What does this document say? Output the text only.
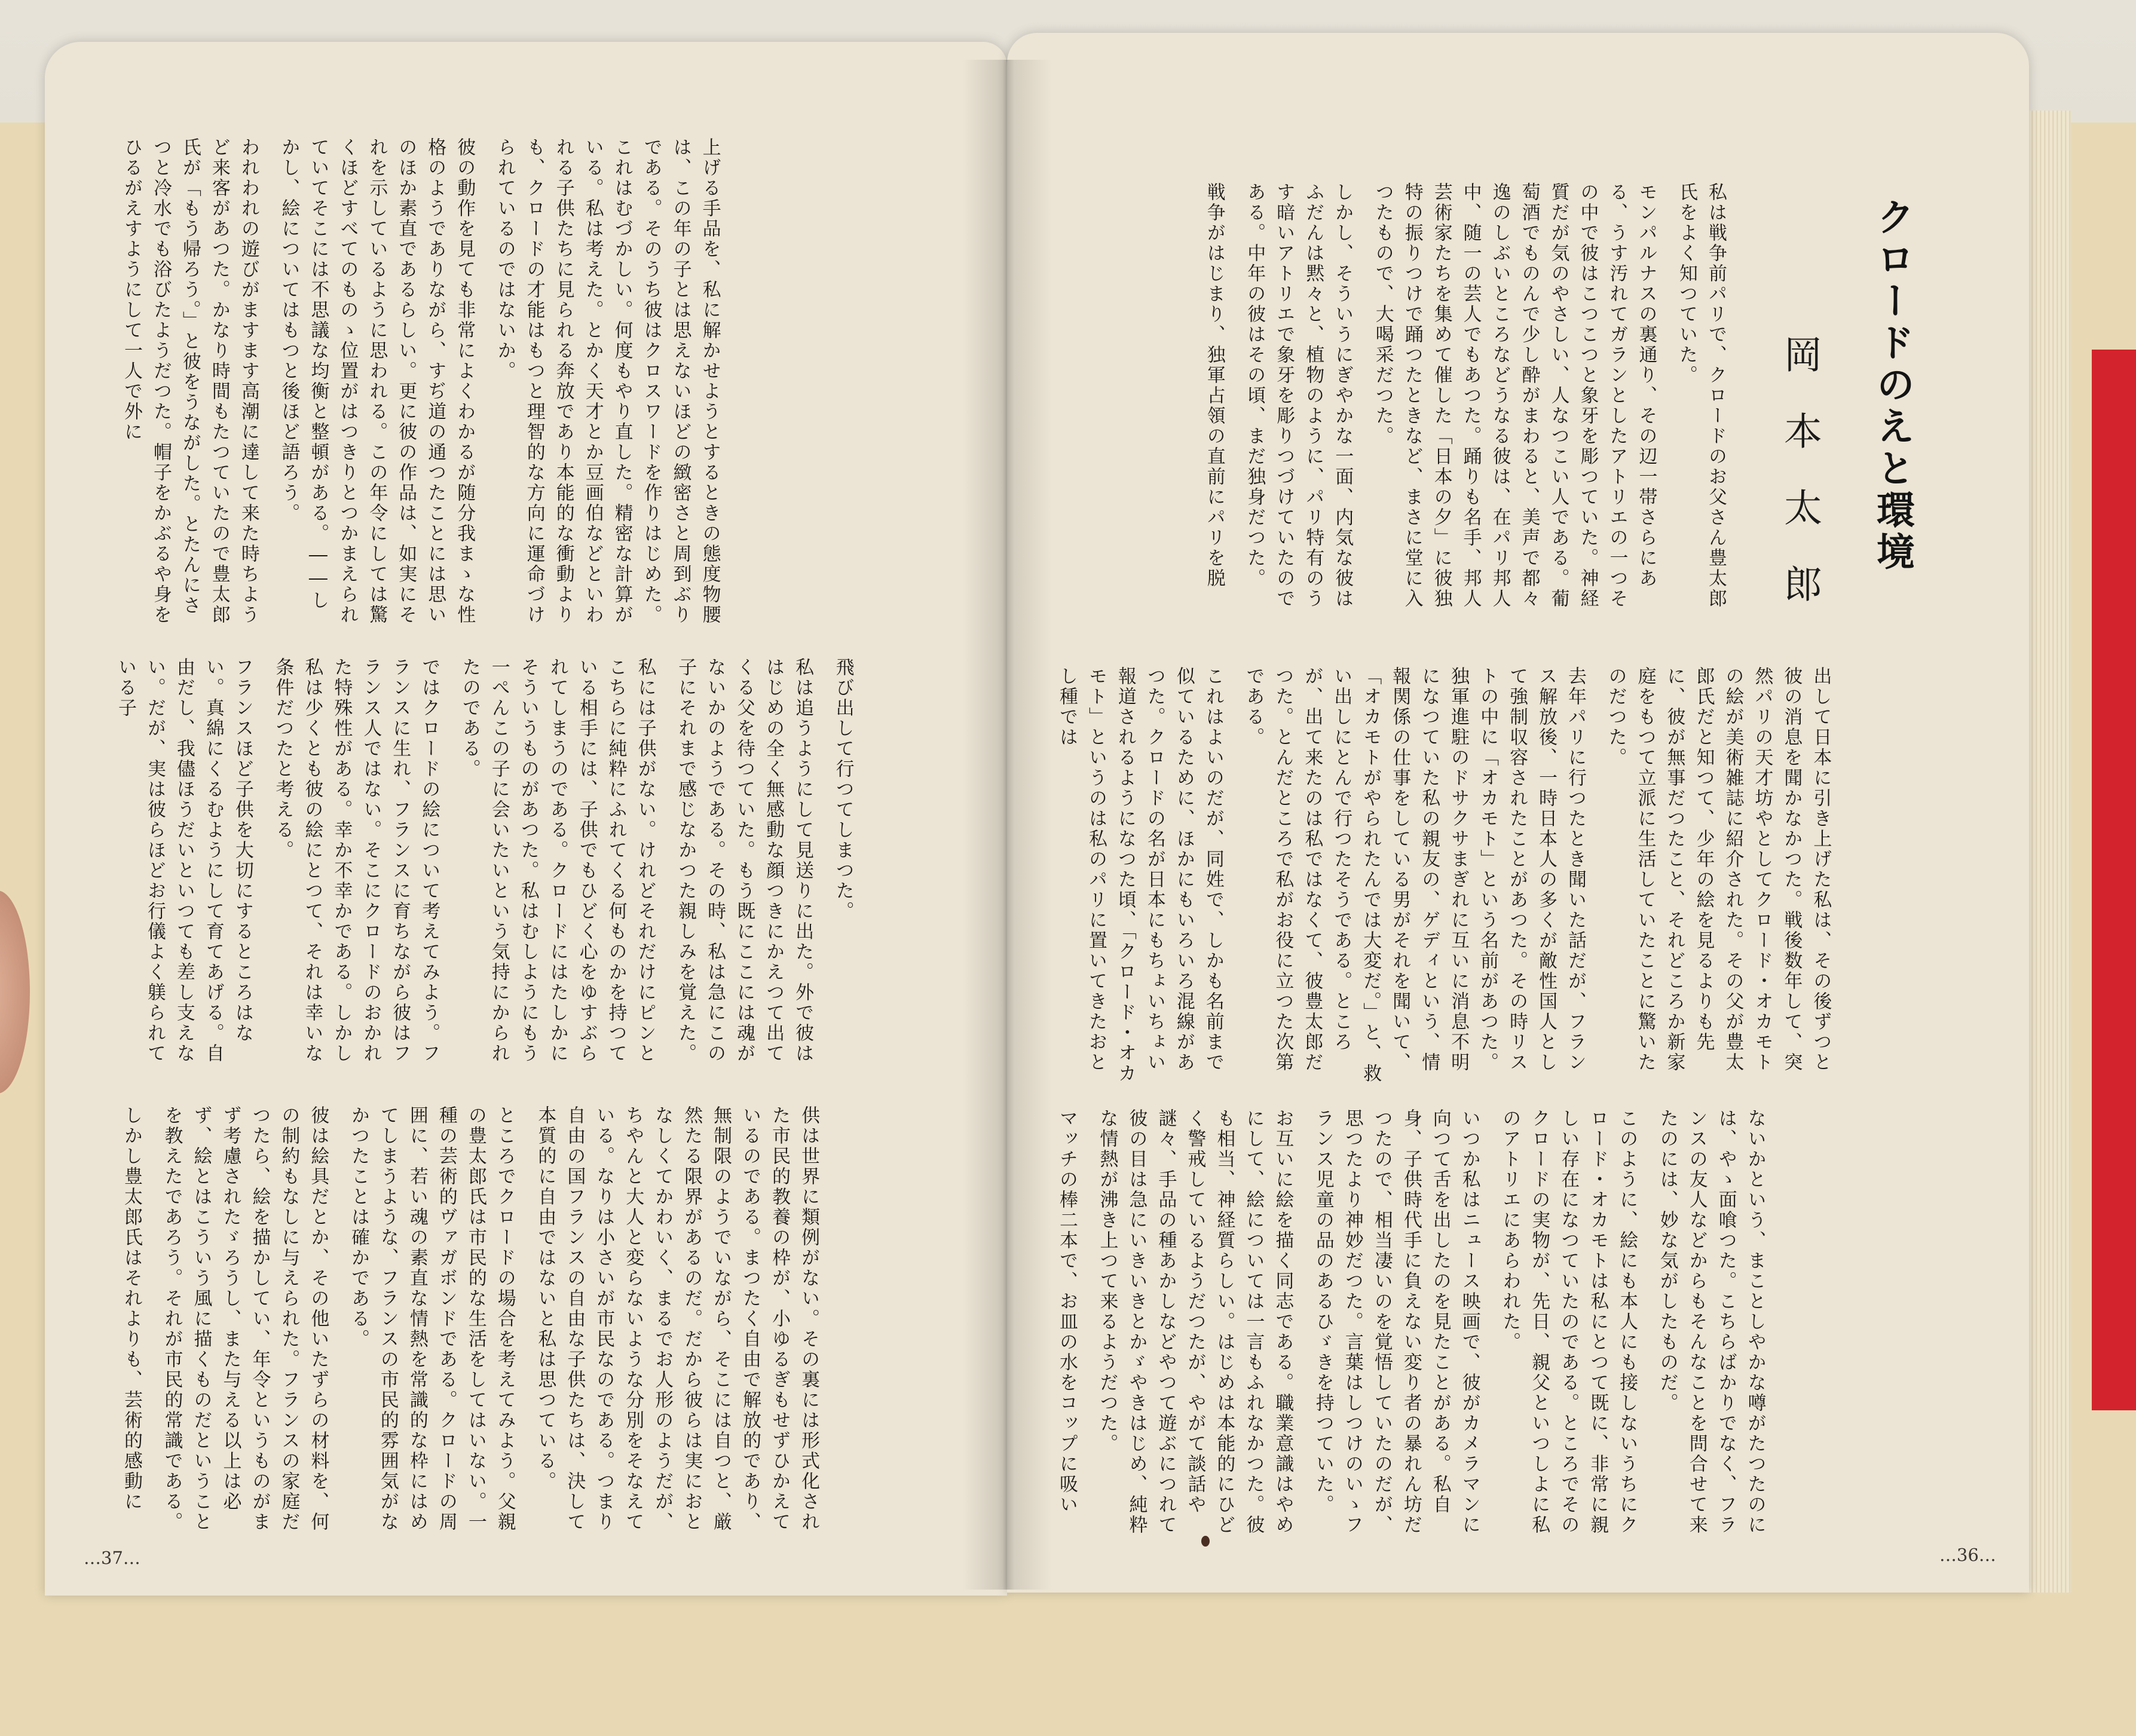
上げる手品を、私に解かせようとするときの態度物腰は、この年の子とは思えないほどの緻密さと周到ぶりである。そのうち彼はクロスワードを作りはじめた。これはむづかしい。何度もやり直した。精密な計算がいる。私は考えた。とかく天才とか豆画伯などといわれる子供たちに見られる奔放であり本能的な衝動よりも、クロードの才能はもつと理智的な方向に運命づけられているのではないか。

彼の動作を見ても非常によくわかるが随分我まゝな性格のようでありながら、すぢ道の通つたことには思いのほか素直であるらしい。更に彼の作品は、如実にそれを示しているように思われる。この年令にしては驚くほどすべてのものゝ位置がはつきりとつかまえられていてそこには不思議な均衡と整頓がある。――しかし、絵についてはもつと後ほど語ろう。

われわれの遊びがますます高潮に達して来た時ちようど来客があつた。かなり時間もたつていたので豊太郎氏が「もう帰ろう。」と彼をうながした。とたんにさつと冷水でも浴びたようだつた。帽子をかぶるや身をひるがえすようにして一人で外に

飛び出して行つてしまつた。

私は追うようにして見送りに出た。外で彼ははじめの全く無感動な顔つきにかえつて出てくる父を待つていた。もう既にここには魂がないかのようである。その時、私は急にこの子にそれまで感じなかつた親しみを覚えた。

私には子供がない。けれどそれだけにピンとこちらに純粋にふれてくる何ものかを持つている相手には、子供でもひどく心をゆすぶられてしまうのである。クロードにはたしかにそういうものがあつた。私はむしようにもう一ぺんこの子に会いたいという気持にかられたのである。

ではクロードの絵について考えてみよう。フランスに生れ、フランスに育ちながら彼はフランス人ではない。そこにクロードのおかれた特殊性がある。幸か不幸かである。しかし私は少くとも彼の絵にとつて、それは幸いな条件だつたと考える。

フランスほど子供を大切にするところはない。真綿にくるむようにして育てあげる。自由だし、我儘ほうだいといつても差し支えない。だが、実は彼らほどお行儀よく躾られている子

供は世界に類例がない。その裏には形式化された市民的教養の枠が、小ゆるぎもせずひかえているのである。まつたく自由で解放的であり、無制限のようでいながら、そこには自つと、厳然たる限界があるのだ。だから彼らは実におとなしくてかわいく、まるでお人形のようだが、ちやんと大人と変らないような分別をそなえている。なりは小さいが市民なのである。つまり自由の国フランスの自由な子供たちは、決して本質的に自由ではないと私は思つている。

ところでクロードの場合を考えてみよう。父親の豊太郎氏は市民的な生活をしてはいない。一種の芸術的ヴァガボンドである。クロードの周囲に、若い魂の素直な情熱を常識的な枠にはめてしまうような、フランスの市民的雰囲気がなかつたことは確かである。

彼は絵具だとか、その他いたずらの材料を、何の制約もなしに与えられた。フランスの家庭だつたら、絵を描かしてい、年令というものがまず考慮されたゞろうし、また与える以上は必ず、絵とはこういう風に描くものだということを教えたであろう。それが市民的常識である。

しかし豊太郎氏はそれよりも、芸術的感動に

…37…

私は戦争前パリで、クロードのお父さん豊太郎氏をよく知つていた。

モンパルナスの裏通り、その辺一帯さらにある、うす汚れてガランとしたアトリエの一つその中で彼はこつこつと象牙を彫つていた。神経質だが気のやさしい、人なつこい人である。葡萄酒でものんで少し酔がまわると、美声で都々逸のしぶいところなどうなる彼は、在パリ邦人中、随一の芸人でもあつた。踊りも名手、邦人芸術家たちを集めて催した「日本の夕」に彼独特の振りつけで踊つたときなど、まさに堂に入つたもので、大喝采だつた。

しかし、そういうにぎやかな一面、内気な彼はふだんは黙々と、植物のように、パリ特有のうす暗いアトリエで象牙を彫りつづけていたのである。中年の彼はその頃、まだ独身だつた。

戦争がはじまり、独軍占領の直前にパリを脱

出して日本に引き上げた私は、その後ずつと彼の消息を聞かなかつた。戦後数年して、突然パリの天才坊やとしてクロード・オカモトの絵が美術雑誌に紹介された。その父が豊太郎氏だと知つて、少年の絵を見るよりも先に、彼が無事だつたこと、それどころか新家庭をもつて立派に生活していたことに驚いたのだつた。

去年パリに行つたとき聞いた話だが、フランス解放後、一時日本人の多くが敵性国人として強制収容されたことがあつた。その時リストの中に「オカモト」という名前があつた。独軍進駐のドサクサまぎれに互いに消息不明になつていた私の親友の、ゲディという、情報関係の仕事をしている男がそれを聞いて、「オカモトがやられたんでは大変だ。」と、救い出しにとんで行つたそうである。ところが、出て来たのは私ではなくて、彼豊太郎だつた。とんだところで私がお役に立つた次第である。

これはよいのだが、同姓で、しかも名前まで似ているために、ほかにもいろいろ混線があつた。クロードの名が日本にもちょいちょい報道されるようになつた頃、「クロード・オカモト」というのは私のパリに置いてきたおとし種では

ないかという、まことしやかな噂がたつたのには、やゝ面喰つた。こちらばかりでなく、フランスの友人などからもそんなことを問合せて来たのには、妙な気がしたものだ。

このように、絵にも本人にも接しないうちにクロード・オカモトは私にとつて既に、非常に親しい存在になつていたのである。ところでそのクロードの実物が、先日、親父といつしよに私のアトリエにあらわれた。

いつか私はニュース映画で、彼がカメラマンに向つて舌を出したのを見たことがある。私自身、子供時代手に負えない変り者の暴れん坊だつたので、相当凄いのを覚悟していたのだが、思つたより神妙だつた。言葉はしつけのいゝフランス児童の品のあるひゞきを持つていた。

お互いに絵を描く同志である。職業意識はやめにして、絵については一言もふれなかつた。彼も相当、神経質らしい。はじめは本能的にひどく警戒しているようだつたが、やがて談話や謎々、手品の種あかしなどやつて遊ぶにつれて彼の目は急にいきいきとかゞやきはじめ、純粋な情熱が沸き上つて来るようだつた。

マッチの棒二本で、お皿の水をコップに吸い

…36…
クロードのえと環境
岡本太郎
